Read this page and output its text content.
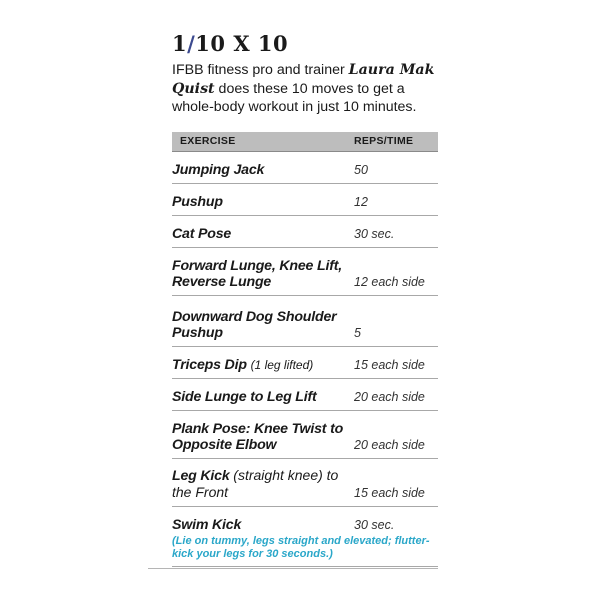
1/10 X 10
IFBB fitness pro and trainer Laura Mak Quist does these 10 moves to get a whole-body workout in just 10 minutes.
EXERCISE	REPS/TIME
Jumping Jack	50
Pushup	12
Cat Pose	30 sec.
Forward Lunge, Knee Lift, Reverse Lunge	12 each side
Downward Dog Shoulder Pushup	5
Triceps Dip (1 leg lifted)	15 each side
Side Lunge to Leg Lift	20 each side
Plank Pose: Knee Twist to Opposite Elbow	20 each side
Leg Kick (straight knee) to the Front	15 each side
Swim Kick	30 sec.
(Lie on tummy, legs straight and elevated; flutter-kick your legs for 30 seconds.)
